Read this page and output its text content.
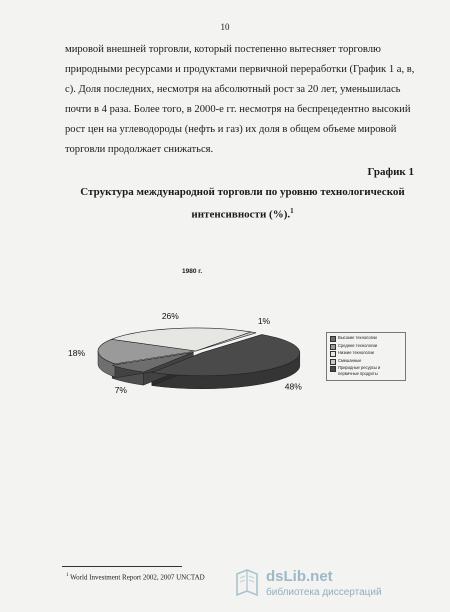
10

мировой внешней торговли, который постепенно вытесняет торговлю

природными ресурсами и продуктами первичной переработки (График 1 а, в,

с). Доля последних, несмотря на абсолютный рост за 20 лет, уменьшилась

почти в 4 раза. Более того, в 2000-е гг. несмотря на беспрецедентно высокий

рост цен на углеводороды (нефть и газ) их доля в общем объеме мировой

торговли продолжает снижаться.

График 1
Структура международной торговли по уровню технологической интенсивности (%).$^1$
1980 г.
48%
7%
18%
26%	1%
Высокие технологии
Средние технологии
Низкие технологии
Смешанные
Природные ресурсы и первичные продукты
$^1$ World Investment Report 2002, 2007 UNCTAD	dsLib.net
библиотека диссертаций
